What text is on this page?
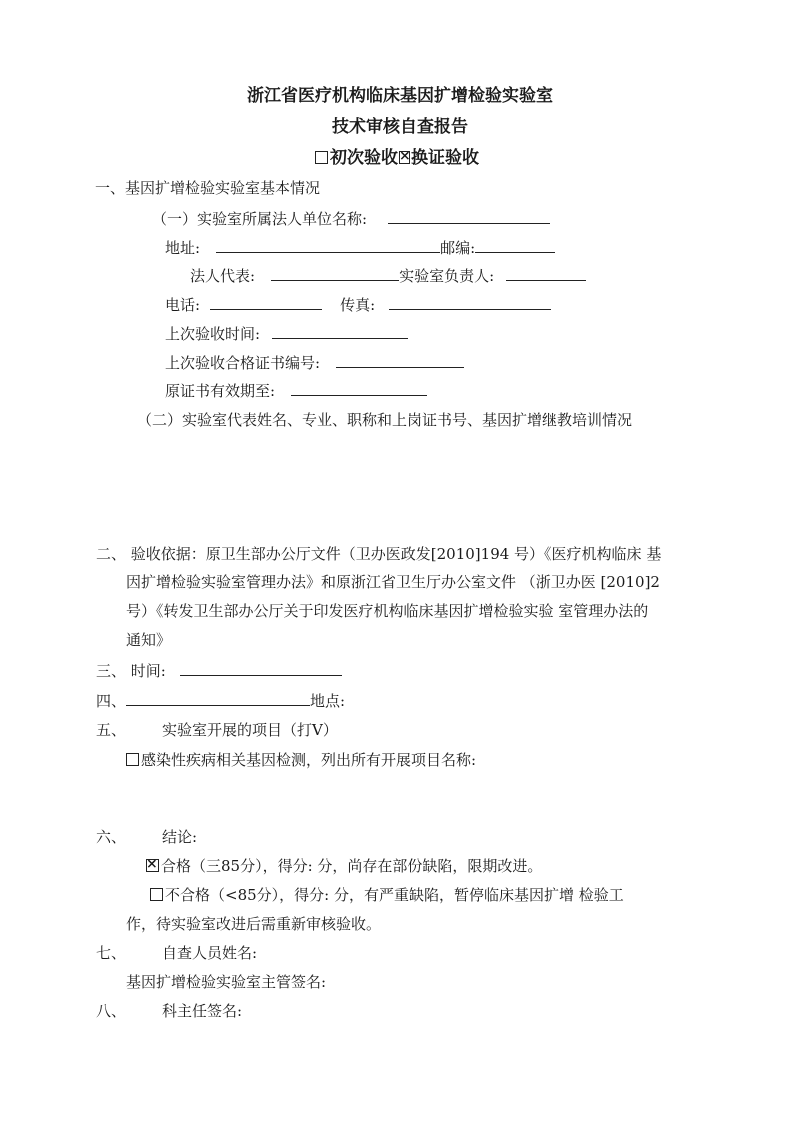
浙江省医疗机构临床基因扩增检验实验室
技术审核自查报告
初次验收× 换证验收
一、基因扩增检验实验室基本情况
（一）实验室所属法人单位名称:
地址:	邮编:
法人代表:	实验室负责人:
电话:	传真:
上次验收时间:
上次验收合格证书编号:
原证书有效期至:
（二）实验室代表姓名、专业、职称和上岗证书号、基因扩增继教培训情况
二、 验收依据：原卫生部办公厅文件（卫办医政发[2010]194 号）《医疗机构临床 基
因扩增检验实验室管理办法》和原浙江省卫生厅办公室文件 （浙卫办医 [2010]2
号）《转发卫生部办公厅关于印发医疗机构临床基因扩增检验实验 室管理办法的
通知》
三、 时间:
四、	地点:
五、 实验室开展的项目（打V）
感染性疾病相关基因检测，列出所有开展项目名称:
六、 结论:
×合格（三85分），得分: 分，尚存在部份缺陷，限期改进。
不合格（<85分），得分: 分，有严重缺陷，暂停临床基因扩增 检验工
作，待实验室改进后需重新审核验收。
七、 自查人员姓名:
基因扩增检验实验室主管签名:
八、 科主任签名:
